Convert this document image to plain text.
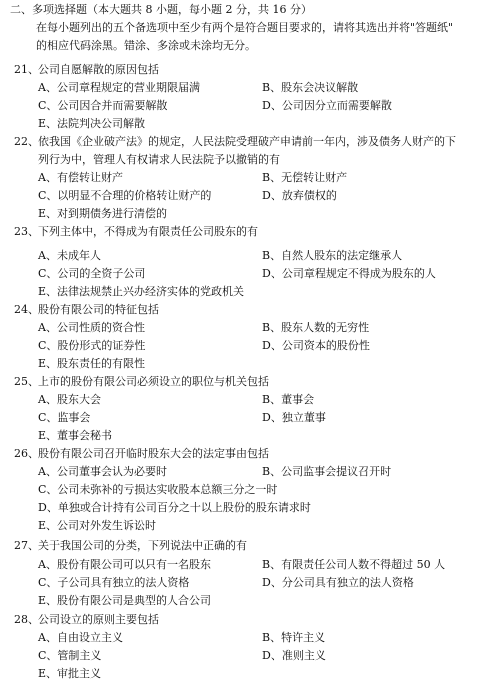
二、多项选择题（本大题共 8 小题，每小题 2 分，共 16 分）
在每小题列出的五个备选项中至少有两个是符合题目要求的，请将其选出并将"答题纸"
的相应代码涂黑。错涂、多涂或未涂均无分。
21、 公司自愿解散的原因包括
A、公司章程规定的营业期限届满	B、股东会决议解散
C、公司因合并而需要解散	D、公司因分立而需要解散
E、法院判决公司解散
22、 依我国《企业破产法》的规定，人民法院受理破产申请前一年内，涉及债务人财产的下
列行为中，管理人有权请求人民法院予以撤销的有
A、有偿转让财产	B、无偿转让财产
C、以明显不合理的价格转让财产的	D、放弃债权的
E、对到期债务进行清偿的
23、 下列主体中，不得成为有限责任公司股东的有
A、未成年人	B、自然人股东的法定继承人
C、公司的全资子公司	D、公司章程规定不得成为股东的人
E、法律法规禁止兴办经济实体的党政机关
24、 股份有限公司的特征包括
A、公司性质的资合性	B、股东人数的无穷性
C、股份形式的证券性	D、公司资本的股份性
E、股东责任的有限性
25、 上市的股份有限公司必须设立的职位与机关包括
A、股东大会	B、董事会
C、监事会	D、独立董事
E、董事会秘书
26、 股份有限公司召开临时股东大会的法定事由包括
A、公司董事会认为必要时	B、公司监事会提议召开时
C、公司未弥补的亏损达实收股本总额三分之一时
D、单独或合计持有公司百分之十以上股份的股东请求时
E、公司对外发生诉讼时
27、 关于我国公司的分类，下列说法中正确的有
A、股份有限公司可以只有一名股东	B、有限责任公司人数不得超过 50 人
C、子公司具有独立的法人资格	D、分公司具有独立的法人资格
E、股份有限公司是典型的人合公司
28、 公司设立的原则主要包括
A、自由设立主义	B、特许主义
C、管制主义	D、准则主义
E、审批主义
